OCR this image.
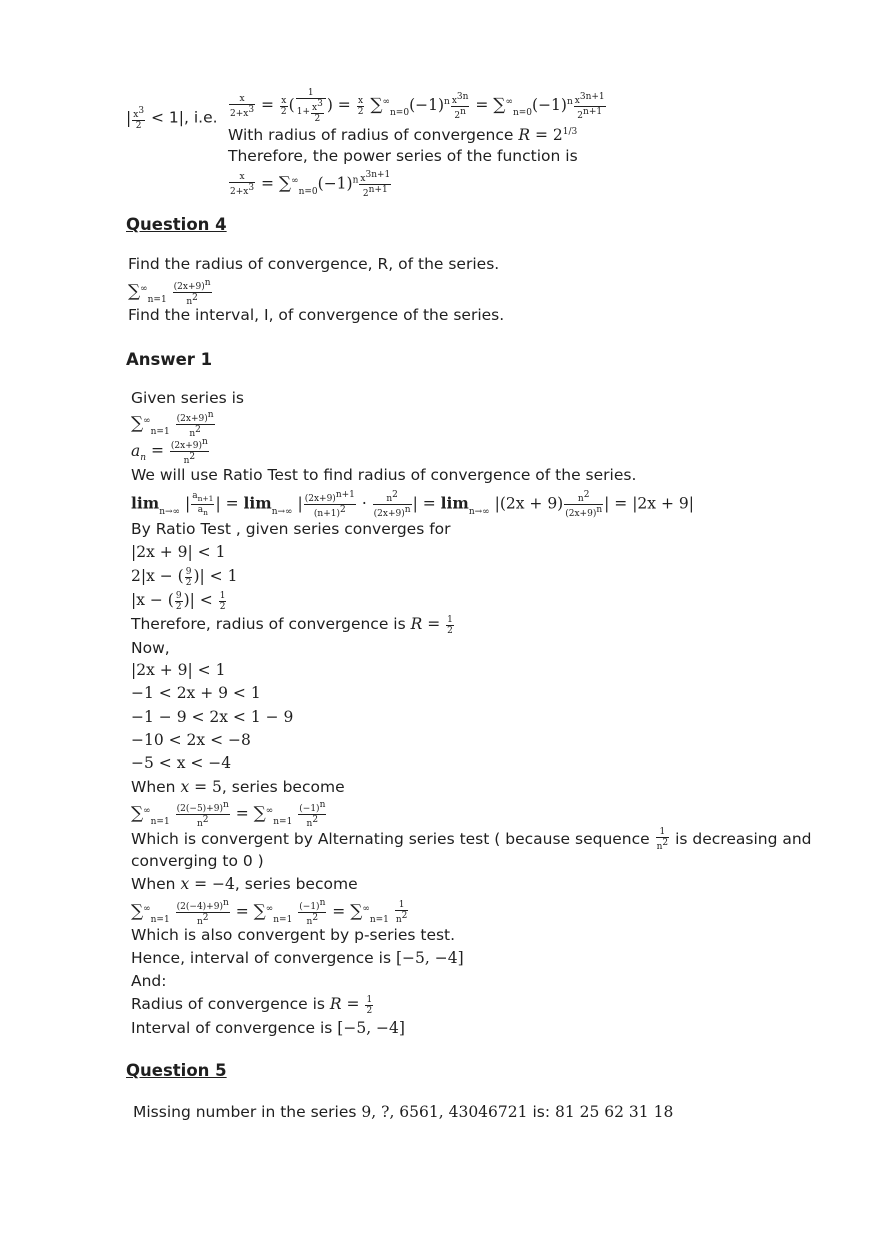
$\frac{x}{2+x^3} = \frac{x}{2}$ ( $\frac{1}{1+ \frac{x^3}{2}}$ ) = $\frac{x}{2} \sum^\infty_{n=0}(-1)^n \frac{x^{3n}}{2^n} = \sum^\infty_{n=0}(-1)^n \frac{x^{3n+1}}{2^{n+1}}$
| $\frac{x^3}{2} < 1|$, i.e.
With radius of radius of convergence $R = 2^{1/3}$
Therefore, the power series of the function is
$\frac{x}{2+x^3} = \sum^\infty_{n=0}(-1)^n \frac{x^{3n+1}}{2^{n+1}}$
Question 4
Find the radius of convergence, R, of the series.
$\sum^\infty_{n=1} \frac{(2x+9)^n}{n^2}$
Find the interval, I, of convergence of the series.
Answer 1
Given series is
$\sum^\infty_{n=1} \frac{(2x+9)^n}{n^2}$
$a_n = \frac{(2x+9)^n}{n^2}$
We will use Ratio Test to find radius of convergence of the series.
$\lim_{n\to\infty}$ | $\frac{a_{n+1}}{a_n}$ | = $\lim_{n\to\infty}$ | $\frac{(2x+9)^{n+1}}{(n+1)^2} \cdot \frac{n^2}{(2x+9)^n}$ | = $\lim_{n\to\infty} |(2x + 9) \frac{n^2}{(2x+9)^n}$ | = |2x + 9|
By Ratio Test , given series converges for
|2x + 9| < 1
2|x − ( $\frac{9}{2}$ )| < 1
|x − ( $\frac{9}{2}$ )| < $\frac{1}{2}$
Therefore, radius of convergence is $R = \frac{1}{2}$
Now,
|2x + 9| < 1
−1 < 2x + 9 < 1
−1 − 9 < 2x < 1 − 9
−10 < 2x < −8
−5 < x < −4
When x = 5, series become
$\sum^\infty_{n=1} \frac{(2(-5)+9)^n}{n^2} = \sum^\infty_{n=1} \frac{(-1)^n}{n^2}$
Which is convergent by Alternating series test ( because sequence $\frac{1}{n^2}$ is decreasing and
converging to 0 )
When x = −4, series become
$\sum^\infty_{n=1} \frac{(2(-4)+9)^n}{n^2} = \sum^\infty_{n=1} \frac{(-1)^n}{n^2} = \sum^\infty_{n=1} \frac{1}{n^2}$
Which is also convergent by p-series test.
Hence, interval of convergence is [−5, −4]
And:
Radius of convergence is $R = \frac{1}{2}$
Interval of convergence is [−5, −4]
Question 5
Missing number in the series 9, ?, 6561, 43046721 is: 81 25 62 31 18
